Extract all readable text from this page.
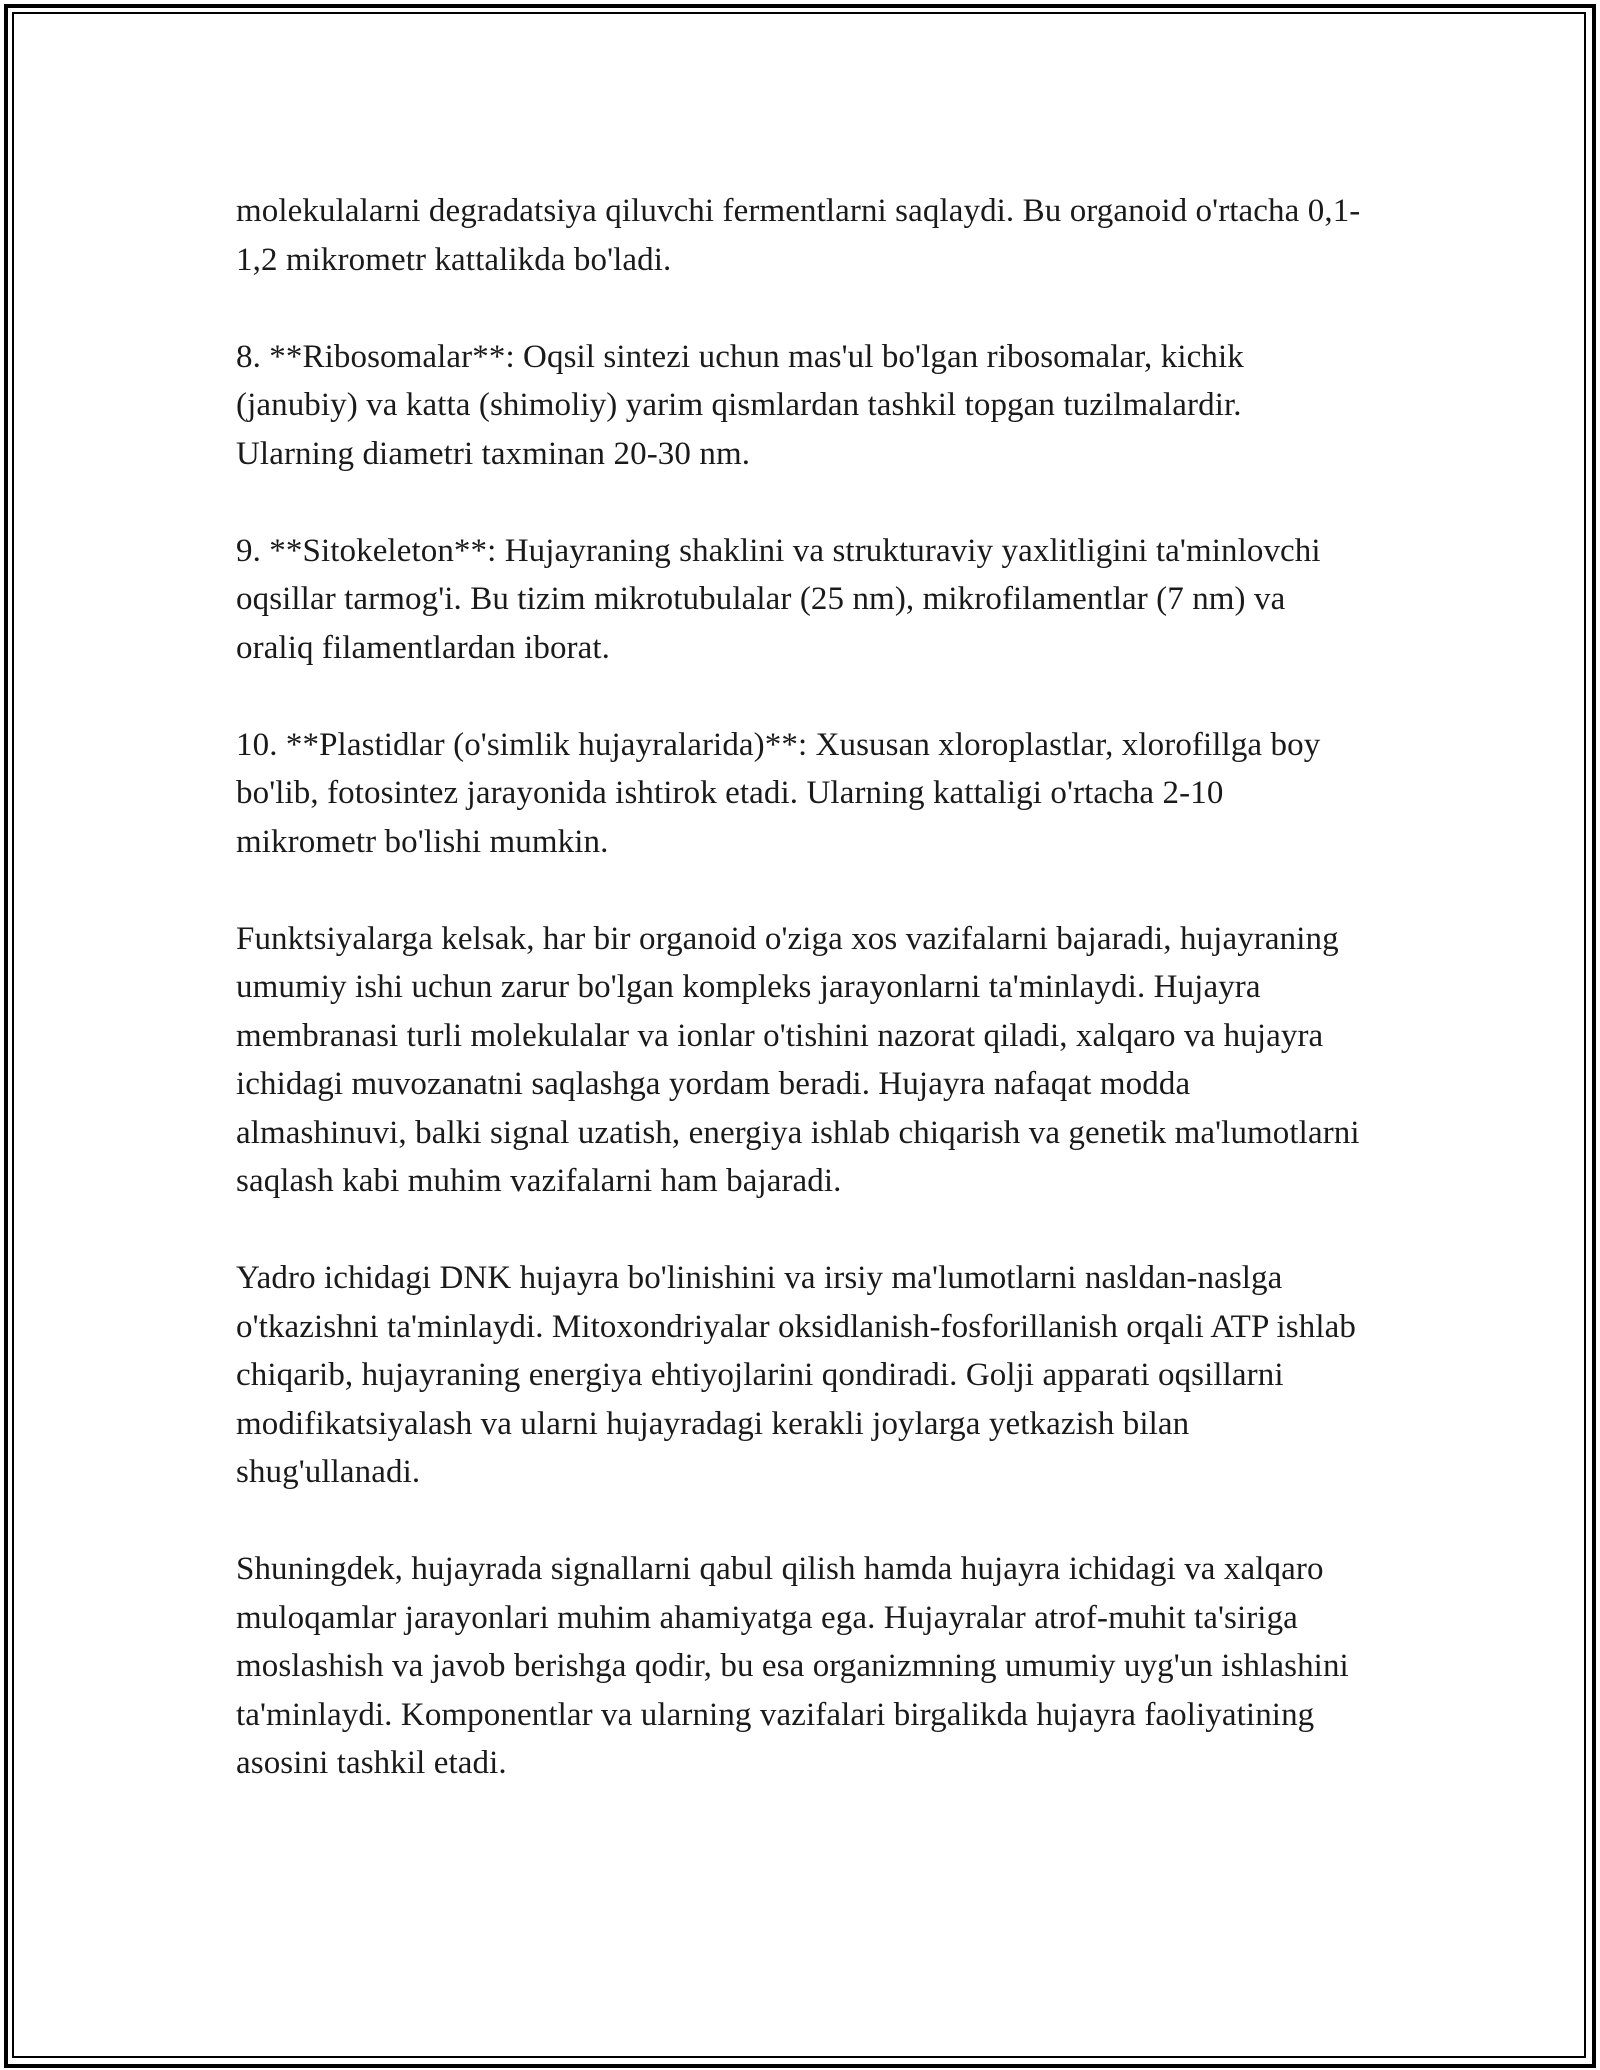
molekulalarni degradatsiya qiluvchi fermentlarni saqlaydi. Bu organoid o'rtacha 0,1-1,2 mikrometr kattalikda bo'ladi.

8. **Ribosomalar**: Oqsil sintezi uchun mas'ul bo'lgan ribosomalar, kichik (janubiy) va katta (shimoliy) yarim qismlardan tashkil topgan tuzilmalardir. Ularning diametri taxminan 20-30 nm.

9. **Sitokeleton**: Hujayraning shaklini va strukturaviy yaxlitligini ta'minlovchi oqsillar tarmog'i. Bu tizim mikrotubulalar (25 nm), mikrofilamentlar (7 nm) va oraliq filamentlardan iborat.

10. **Plastidlar (o'simlik hujayralarida)**: Xususan xloroplastlar, xlorofillga boy bo'lib, fotosintez jarayonida ishtirok etadi. Ularning kattaligi o'rtacha 2-10 mikrometr bo'lishi mumkin.

Funktsiyalarga kelsak, har bir organoid o'ziga xos vazifalarni bajaradi, hujayraning umumiy ishi uchun zarur bo'lgan kompleks jarayonlarni ta'minlaydi. Hujayra membranasi turli molekulalar va ionlar o'tishini nazorat qiladi, xalqaro va hujayra ichidagi muvozanatni saqlashga yordam beradi. Hujayra nafaqat modda almashinuvi, balki signal uzatish, energiya ishlab chiqarish va genetik ma'lumotlarni saqlash kabi muhim vazifalarni ham bajaradi.

Yadro ichidagi DNK hujayra bo'linishini va irsiy ma'lumotlarni nasldan-naslga o'tkazishni ta'minlaydi. Mitoxondriyalar oksidlanish-fosforillanish orqali ATP ishlab chiqarib, hujayraning energiya ehtiyojlarini qondiradi. Golji apparati oqsillarni modifikatsiyalash va ularni hujayradagi kerakli joylarga yetkazish bilan shug'ullanadi.

Shuningdek, hujayrada signallarni qabul qilish hamda hujayra ichidagi va xalqaro muloqamlar jarayonlari muhim ahamiyatga ega. Hujayralar atrof-muhit ta'siriga moslashish va javob berishga qodir, bu esa organizmning umumiy uyg'un ishlashini ta'minlaydi. Komponentlar va ularning vazifalari birgalikda hujayra faoliyatining asosini tashkil etadi.
